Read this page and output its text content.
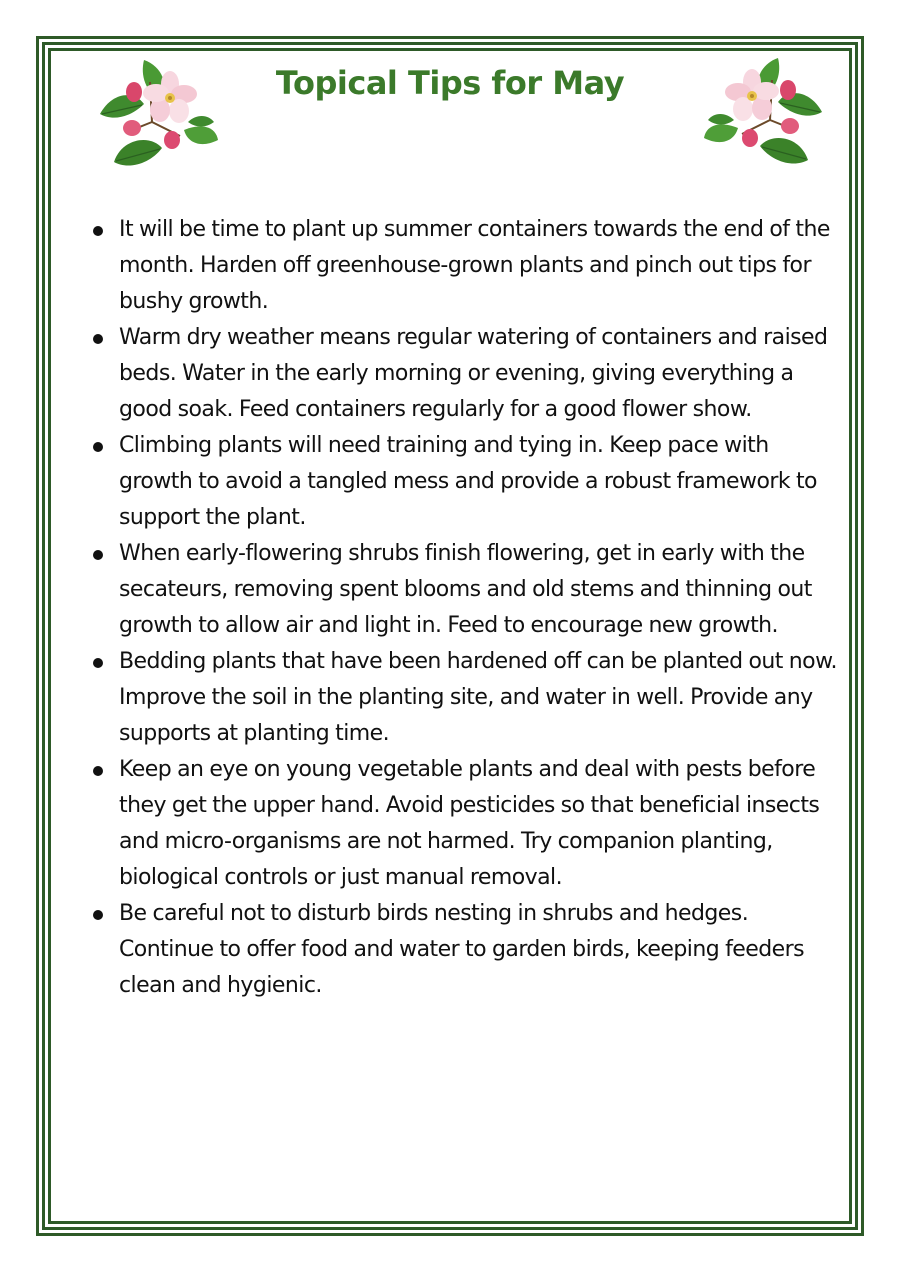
Topical Tips for May
It will be time to plant up summer containers towards the end of the month. Harden off greenhouse-grown plants and pinch out tips for bushy growth.
Warm dry weather means regular watering of containers and raised beds. Water in the early morning or evening, giving everything a good soak. Feed containers regularly for a good flower show.
Climbing plants will need training and tying in. Keep pace with growth to avoid a tangled mess and provide a robust framework to support the plant.
When early-flowering shrubs finish flowering, get in early with the secateurs, removing spent blooms and old stems and thinning out growth to allow air and light in. Feed to encourage new growth.
Bedding plants that have been hardened off can be planted out now. Improve the soil in the planting site, and water in well. Provide any supports at planting time.
Keep an eye on young vegetable plants and deal with pests before they get the upper hand. Avoid pesticides so that beneficial insects and micro-organisms are not harmed. Try companion planting, biological controls or just manual removal.
Be careful not to disturb birds nesting in shrubs and hedges. Continue to offer food and water to garden birds, keeping feeders clean and hygienic.
